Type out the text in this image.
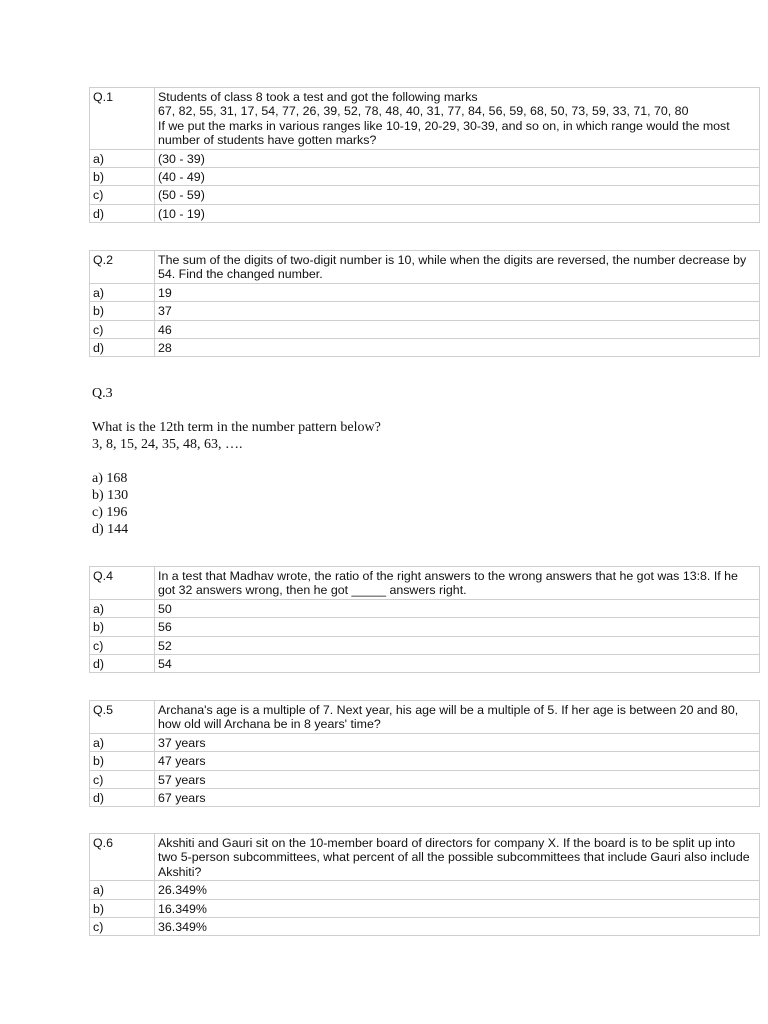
Q.1	Students of class 8 took a test and got the following marks
67, 82, 55, 31, 17, 54, 77, 26, 39, 52, 78, 48, 40, 31, 77, 84, 56, 59, 68, 50, 73, 59, 33, 71, 70, 80
If we put the marks in various ranges like 10-19, 20-29, 30-39, and so on, in which range would the most number of students have gotten marks?

a)	(30 - 39)
b)	(40 - 49)
c)	(50 - 59)
d)	(10 - 19)
Q.2	The sum of the digits of two-digit number is 10, while when the digits are reversed, the number decrease by 54. Find the changed number.
a)	19
b)	37
c)	46
d)	28

Q.3

What is the 12th term in the number pattern below?

3, 8, 15, 24, 35, 48, 63, ….

a) 168

b) 130

c) 196

d) 144

Q.4	In a test that Madhav wrote, the ratio of the right answers to the wrong answers that he got was 13:8. If he got 32 answers wrong, then he got _____ answers right.
a)	50
b)	56
c)	52
d)	54
Q.5	Archana's age is a multiple of 7. Next year, his age will be a multiple of 5. If her age is between 20 and 80, how old will Archana be in 8 years' time?
a)	37 years
b)	47 years
c)	57 years
d)	67 years
Q.6	Akshiti and Gauri sit on the 10-member board of directors for company X. If the board is to be split up into two 5-person subcommittees, what percent of all the possible subcommittees that include Gauri also include Akshiti?
a)	26.349%
b)	16.349%
c)	36.349%
